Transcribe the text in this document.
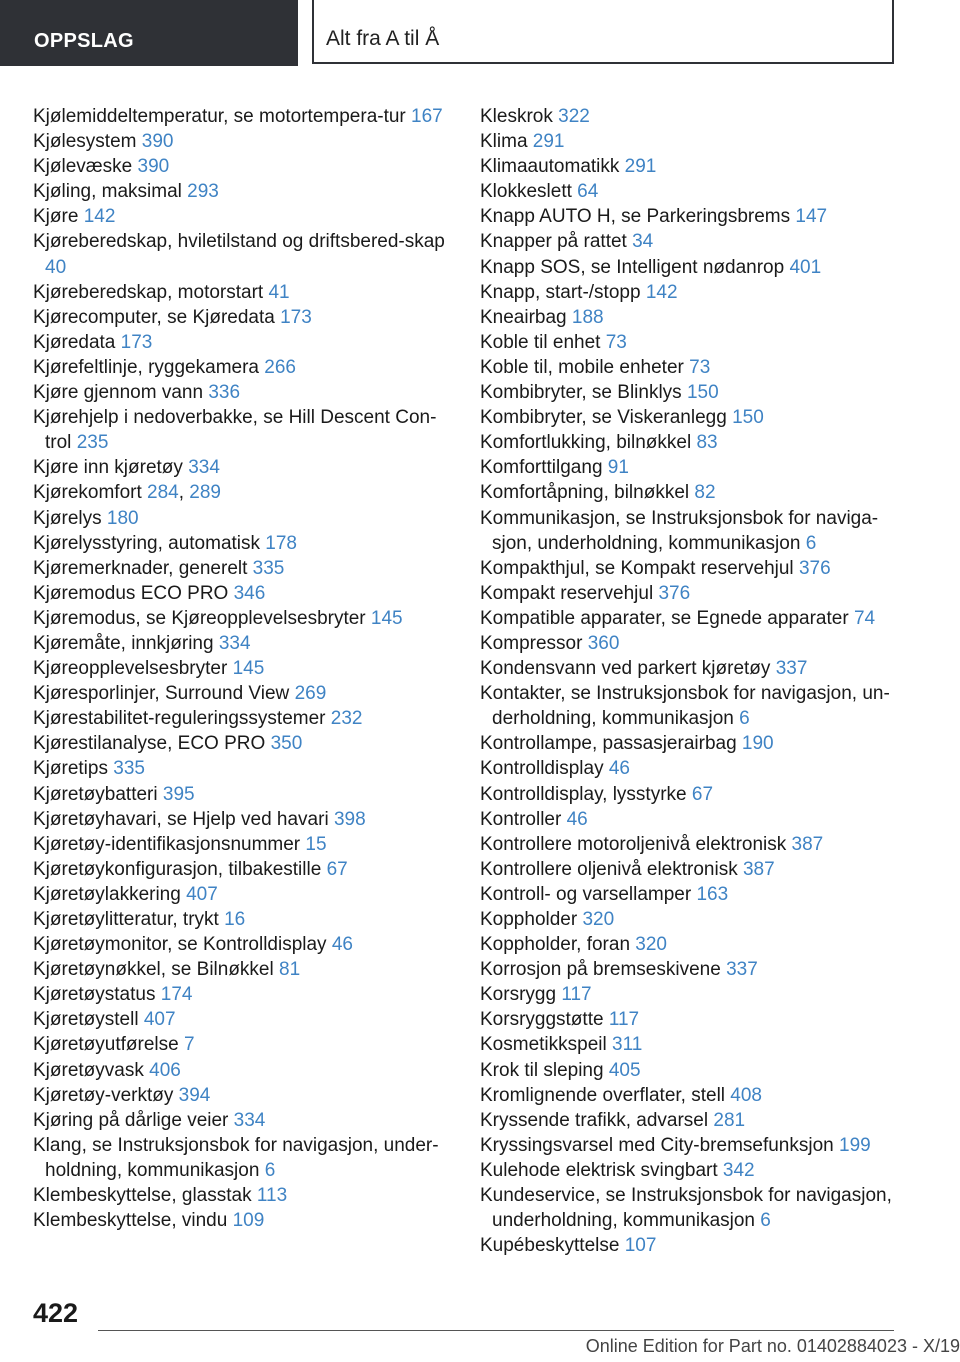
OPPSLAG	Alt fra A til Å

Kjølemiddeltemperatur, se motortempera-tur 167

Kjølesystem 390

Kjølevæske 390

Kjøling, maksimal 293

Kjøre 142

Kjøreberedskap, hviletilstand og driftsbered-skap 40

Kjøreberedskap, motorstart 41

Kjørecomputer, se Kjøredata 173

Kjøredata 173

Kjørefeltlinje, ryggekamera 266

Kjøre gjennom vann 336

Kjørehjelp i nedoverbakke, se Hill Descent Con-trol 235

Kjøre inn kjøretøy 334

Kjørekomfort 284, 289

Kjørelys 180

Kjørelysstyring, automatisk 178

Kjøremerknader, generelt 335

Kjøremodus ECO PRO 346

Kjøremodus, se Kjøreopplevelsesbryter 145

Kjøremåte, innkjøring 334

Kjøreopplevelsesbryter 145

Kjøresporlinjer, Surround View 269

Kjørestabilitet-reguleringssystemer 232

Kjørestilanalyse, ECO PRO 350

Kjøretips 335

Kjøretøybatteri 395

Kjøretøyhavari, se Hjelp ved havari 398

Kjøretøy-identifikasjonsnummer 15

Kjøretøykonfigurasjon, tilbakestille 67

Kjøretøylakkering 407

Kjøretøylitteratur, trykt 16

Kjøretøymonitor, se Kontrolldisplay 46

Kjøretøynøkkel, se Bilnøkkel 81

Kjøretøystatus 174

Kjøretøystell 407

Kjøretøyutførelse 7

Kjøretøyvask 406

Kjøretøy-verktøy 394

Kjøring på dårlige veier 334

Klang, se Instruksjonsbok for navigasjon, under-holdning, kommunikasjon 6

Klembeskyttelse, glasstak 113

Klembeskyttelse, vindu 109

Kleskrok 322

Klima 291

Klimaautomatikk 291

Klokkeslett 64

Knapp AUTO H, se Parkeringsbrems 147

Knapper på rattet 34

Knapp SOS, se Intelligent nødanrop 401

Knapp, start-/stopp 142

Kneairbag 188

Koble til enhet 73

Koble til, mobile enheter 73

Kombibryter, se Blinklys 150

Kombibryter, se Viskeranlegg 150

Komfortlukking, bilnøkkel 83

Komforttilgang 91

Komfortåpning, bilnøkkel 82

Kommunikasjon, se Instruksjonsbok for naviga-sjon, underholdning, kommunikasjon 6

Kompakthjul, se Kompakt reservehjul 376

Kompakt reservehjul 376

Kompatible apparater, se Egnede apparater 74

Kompressor 360

Kondensvann ved parkert kjøretøy 337

Kontakter, se Instruksjonsbok for navigasjon, un-derholdning, kommunikasjon 6

Kontrollampe, passasjerairbag 190

Kontrolldisplay 46

Kontrolldisplay, lysstyrke 67

Kontroller 46

Kontrollere motoroljenivå elektronisk 387

Kontrollere oljenivå elektronisk 387

Kontroll- og varsellamper 163

Koppholder 320

Koppholder, foran 320

Korrosjon på bremseskivene 337

Korsrygg 117

Korsryggstøtte 117

Kosmetikkspeil 311

Krok til sleping 405

Kromlignende overflater, stell 408

Kryssende trafikk, advarsel 281

Kryssingsvarsel med City-bremsefunksjon 199

Kulehode elektrisk svingbart 342

Kundeservice, se Instruksjonsbok for navigasjon, underholdning, kommunikasjon 6

Kupébeskyttelse 107

422
Online Edition for Part no. 01402884023 - X/19
